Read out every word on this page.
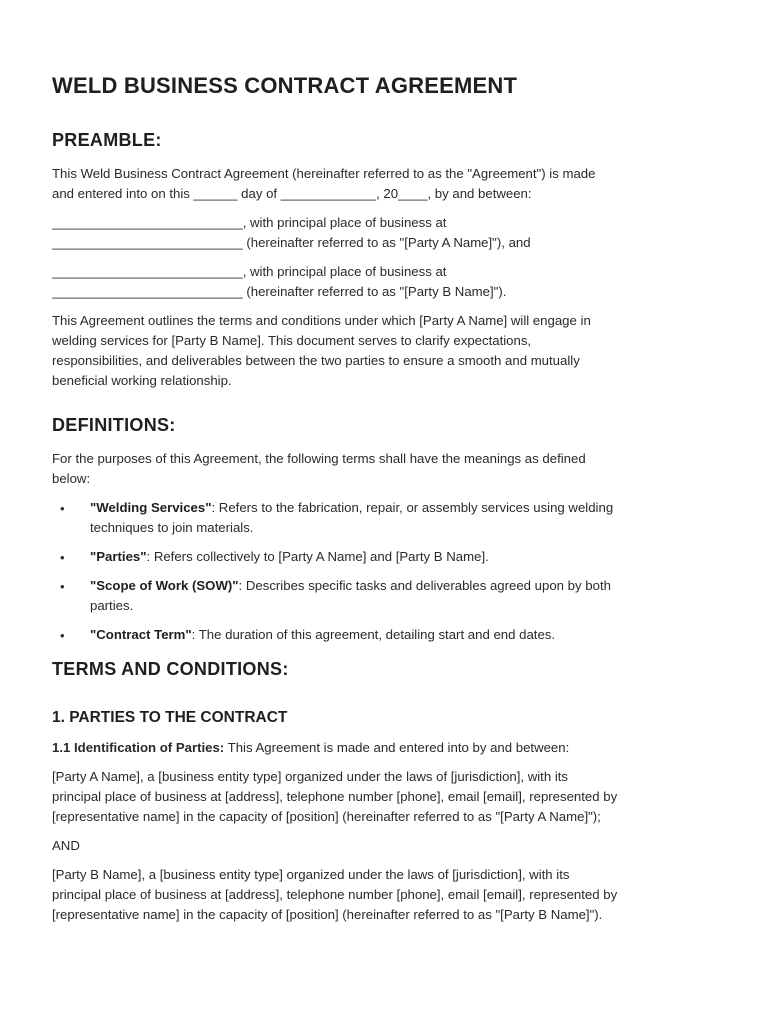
WELD BUSINESS CONTRACT AGREEMENT
PREAMBLE:

This Weld Business Contract Agreement (hereinafter referred to as the "Agreement") is made
and entered into on this ______ day of _____________, 20____, by and between:

__________________________, with principal place of business at
__________________________ (hereinafter referred to as "[Party A Name]"), and

__________________________, with principal place of business at
__________________________ (hereinafter referred to as "[Party B Name]").

This Agreement outlines the terms and conditions under which [Party A Name] will engage in
welding services for [Party B Name]. This document serves to clarify expectations,
responsibilities, and deliverables between the two parties to ensure a smooth and mutually
beneficial working relationship.

DEFINITIONS:

For the purposes of this Agreement, the following terms shall have the meanings as defined
below:

• "Welding Services": Refers to the fabrication, repair, or assembly services using welding
techniques to join materials.
• "Parties": Refers collectively to [Party A Name] and [Party B Name].
• "Scope of Work (SOW)": Describes specific tasks and deliverables agreed upon by both
parties.
• "Contract Term": The duration of this agreement, detailing start and end dates.
TERMS AND CONDITIONS:
1. PARTIES TO THE CONTRACT

1.1 Identification of Parties: This Agreement is made and entered into by and between:

[Party A Name], a [business entity type] organized under the laws of [jurisdiction], with its
principal place of business at [address], telephone number [phone], email [email], represented by
[representative name] in the capacity of [position] (hereinafter referred to as "[Party A Name]");

AND

[Party B Name], a [business entity type] organized under the laws of [jurisdiction], with its
principal place of business at [address], telephone number [phone], email [email], represented by
[representative name] in the capacity of [position] (hereinafter referred to as "[Party B Name]").
